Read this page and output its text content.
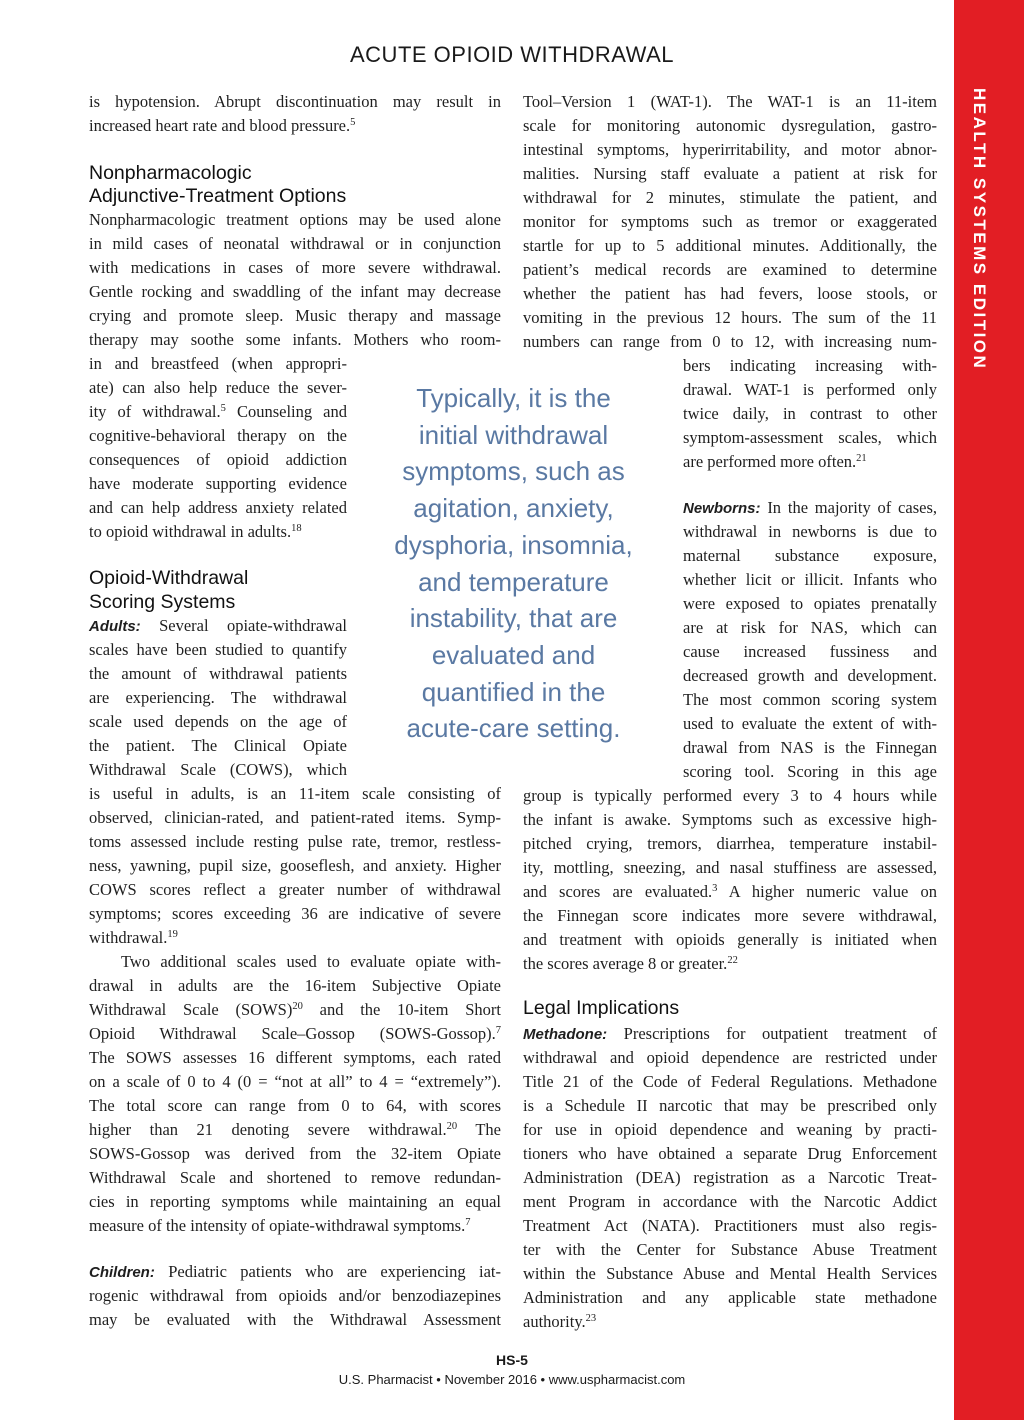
HEALTH SYSTEMS EDITION
ACUTE OPIOID WITHDRAWAL
is hypotension. Abrupt discontinuation may result in
increased heart rate and blood pressure.$^5$
Nonpharmacologic
Adjunctive-Treatment Options
Nonpharmacologic treatment options may be used alone
in mild cases of neonatal withdrawal or in conjunction
with medications in cases of more severe withdrawal.
Gentle rocking and swaddling of the infant may decrease
crying and promote sleep. Music therapy and massage
therapy may soothe some infants. Mothers who room-
in and breastfeed (when appropri-
ate) can also help reduce the sever-
ity of withdrawal.$^5$ Counseling and
cognitive-behavioral therapy on the
consequences of opioid addiction
have moderate supporting evidence
and can help address anxiety related
to opioid withdrawal in adults.$^{18}$
Opioid-Withdrawal
Scoring Systems
Adults: Several opiate-withdrawal
scales have been studied to quantify
the amount of withdrawal patients
are experiencing. The withdrawal
scale used depends on the age of
the patient. The Clinical Opiate
Withdrawal Scale (COWS), which
is useful in adults, is an 11-item scale consisting of
observed, clinician-rated, and patient-rated items. Symp-
toms assessed include resting pulse rate, tremor, restless-
ness, yawning, pupil size, gooseflesh, and anxiety. Higher
COWS scores reflect a greater number of withdrawal
symptoms; scores exceeding 36 are indicative of severe
withdrawal.$^{19}$
Two additional scales used to evaluate opiate with-
drawal in adults are the 16-item Subjective Opiate
Withdrawal Scale (SOWS)$^{20}$ and the 10-item Short
Opioid Withdrawal Scale–Gossop (SOWS-Gossop).$^7$
The SOWS assesses 16 different symptoms, each rated
on a scale of 0 to 4 (0 = “not at all” to 4 = “extremely”).
The total score can range from 0 to 64, with scores
higher than 21 denoting severe withdrawal.$^{20}$ The
SOWS-Gossop was derived from the 32-item Opiate
Withdrawal Scale and shortened to remove redundan-
cies in reporting symptoms while maintaining an equal
measure of the intensity of opiate-withdrawal symptoms.$^7$
Children: Pediatric patients who are experiencing iat-
rogenic withdrawal from opioids and/or benzodiazepines
may be evaluated with the Withdrawal Assessment
Typically, it is the
initial withdrawal
symptoms, such as
agitation, anxiety,
dysphoria, insomnia,
and temperature
instability, that are
evaluated and
quantified in the
acute-care setting.
Tool–Version 1 (WAT-1). The WAT-1 is an 11-item
scale for monitoring autonomic dysregulation, gastro-
intestinal symptoms, hyperirritability, and motor abnor-
malities. Nursing staff evaluate a patient at risk for
withdrawal for 2 minutes, stimulate the patient, and
monitor for symptoms such as tremor or exaggerated
startle for up to 5 additional minutes. Additionally, the
patient’s medical records are examined to determine
whether the patient has had fevers, loose stools, or
vomiting in the previous 12 hours. The sum of the 11
numbers can range from 0 to 12, with increasing num-
bers indicating increasing with-
drawal. WAT-1 is performed only
twice daily, in contrast to other
symptom-assessment scales, which
are performed more often.$^{21}$
Newborns: In the majority of cases,
withdrawal in newborns is due to
maternal substance exposure,
whether licit or illicit. Infants who
were exposed to opiates prenatally
are at risk for NAS, which can
cause increased fussiness and
decreased growth and development.
The most common scoring system
used to evaluate the extent of with-
drawal from NAS is the Finnegan
scoring tool. Scoring in this age
group is typically performed every 3 to 4 hours while
the infant is awake. Symptoms such as excessive high-
pitched crying, tremors, diarrhea, temperature instabil-
ity, mottling, sneezing, and nasal stuffiness are assessed,
and scores are evaluated.$^3$ A higher numeric value on
the Finnegan score indicates more severe withdrawal,
and treatment with opioids generally is initiated when
the scores average 8 or greater.$^{22}$
Legal Implications
Methadone: Prescriptions for outpatient treatment of
withdrawal and opioid dependence are restricted under
Title 21 of the Code of Federal Regulations. Methadone
is a Schedule II narcotic that may be prescribed only
for use in opioid dependence and weaning by practi-
tioners who have obtained a separate Drug Enforcement
Administration (DEA) registration as a Narcotic Treat-
ment Program in accordance with the Narcotic Addict
Treatment Act (NATA). Practitioners must also regis-
ter with the Center for Substance Abuse Treatment
within the Substance Abuse and Mental Health Services
Administration and any applicable state methadone
authority.$^{23}$
HS-5
U.S. Pharmacist • November 2016 • www.uspharmacist.com
